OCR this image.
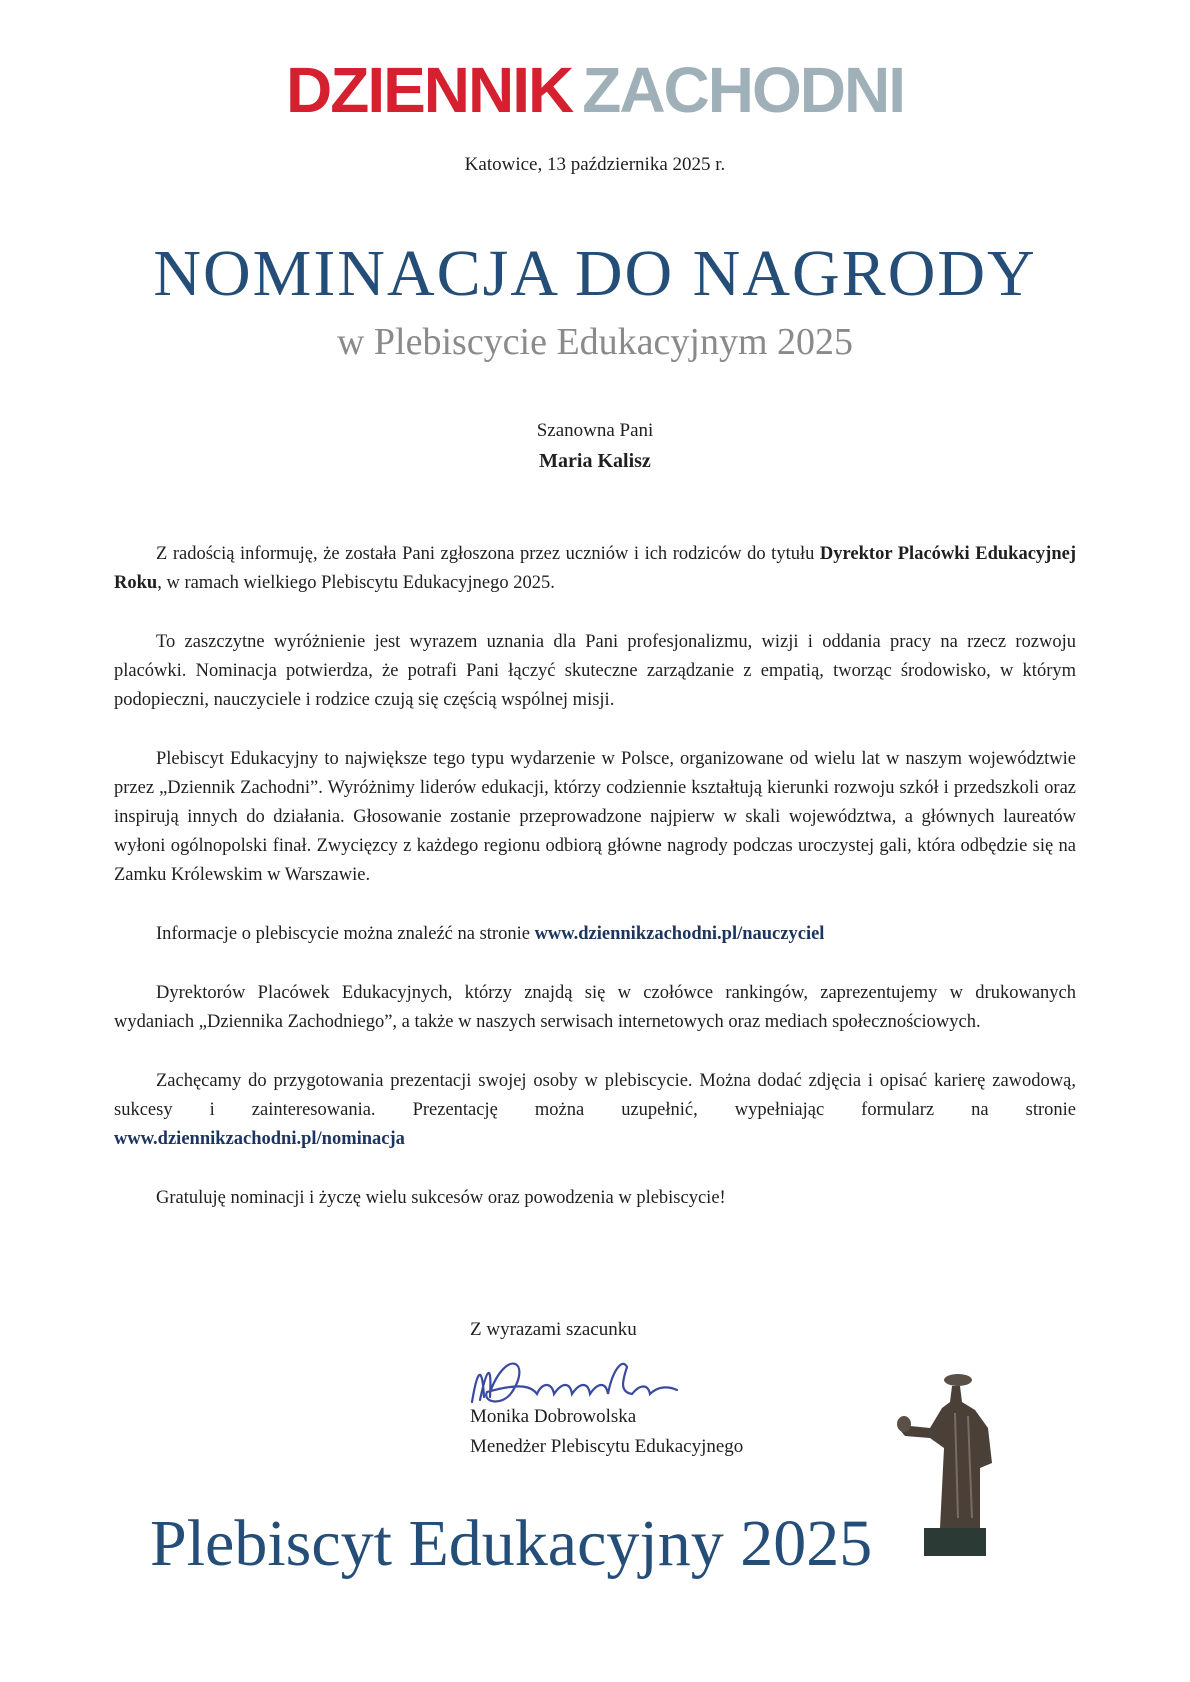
DZIENNIK ZACHODNI
Katowice, 13 października 2025 r.
NOMINACJA DO NAGRODY
w Plebiscycie Edukacyjnym 2025
Szanowna Pani
Maria Kalisz

Z radością informuję, że została Pani zgłoszona przez uczniów i ich rodziców do tytułu Dyrektor Placówki Edukacyjnej Roku, w ramach wielkiego Plebiscytu Edukacyjnego 2025.

To zaszczytne wyróżnienie jest wyrazem uznania dla Pani profesjonalizmu, wizji i oddania pracy na rzecz rozwoju placówki. Nominacja potwierdza, że potrafi Pani łączyć skuteczne zarządzanie z empatią, tworząc środowisko, w którym podopieczni, nauczyciele i rodzice czują się częścią wspólnej misji.

Plebiscyt Edukacyjny to największe tego typu wydarzenie w Polsce, organizowane od wielu lat w naszym województwie przez „Dziennik Zachodni”. Wyróżnimy liderów edukacji, którzy codziennie kształtują kierunki rozwoju szkół i przedszkoli oraz inspirują innych do działania. Głosowanie zostanie przeprowadzone najpierw w skali województwa, a głównych laureatów wyłoni ogólnopolski finał. Zwycięzcy z każdego regionu odbiorą główne nagrody podczas uroczystej gali, która odbędzie się na Zamku Królewskim w Warszawie.

Informacje o plebiscycie można znaleźć na stronie www.dziennikzachodni.pl/nauczyciel

Dyrektorów Placówek Edukacyjnych, którzy znajdą się w czołówce rankingów, zaprezentujemy w drukowanych wydaniach „Dziennika Zachodniego”, a także w naszych serwisach internetowych oraz mediach społecznościowych.

Zachęcamy do przygotowania prezentacji swojej osoby w plebiscycie. Można dodać zdjęcia i opisać karierę zawodową, sukcesy i zainteresowania. Prezentację można uzupełnić, wypełniając formularz na stronie www.dziennikzachodni.pl/nominacja

Gratuluję nominacji i życzę wielu sukcesów oraz powodzenia w plebiscycie!

Z wyrazami szacunku
Monika Dobrowolska
Menedżer Plebiscytu Edukacyjnego
Plebiscyt Edukacyjny 2025
